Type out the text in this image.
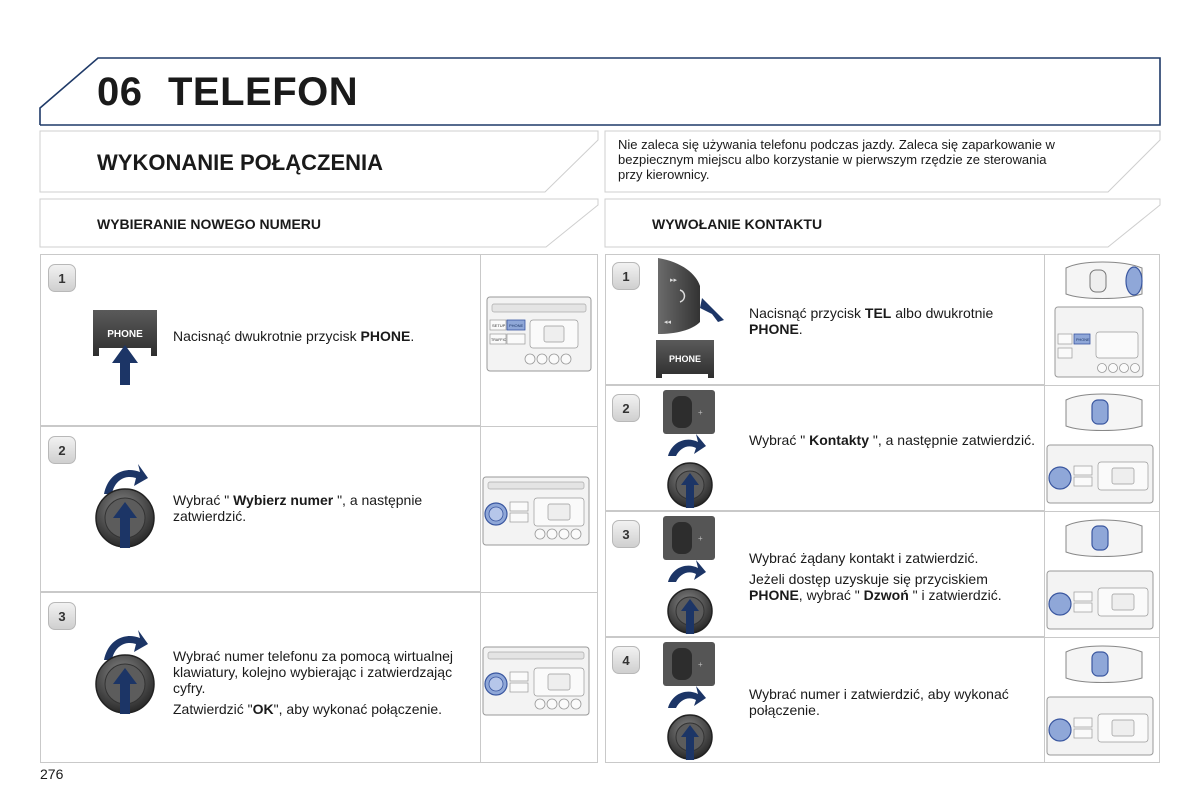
06 TELEFON
WYKONANIE POŁĄCZENIA
Nie zaleca się używania telefonu podczas jazdy. Zaleca się zaparkowanie w bezpiecznym miejscu albo korzystanie w pierwszym rzędzie ze sterowania przy kierownicy.
WYBIERANIE NOWEGO NUMERU	WYWOŁANIE KONTAKTU
1
2
3
PHONE Nacisnąć dwukrotnie przycisk PHONE.
Wybrać " Wybierz numer ", a następnie zatwierdzić.

Wybrać numer telefonu za pomocą wirtualnej klawiatury, kolejno wybierając i zatwierdzając cyfry.

Zatwierdzić "OK", aby wykonać połączenie.

SETUP PHONE
TRAFFIC
1
2
3
4
▸▸
◂◂
PHONE
+
+
+
Nacisnąć przycisk TEL albo dwukrotnie PHONE.
Wybrać " Kontakty ", a następnie zatwierdzić.

Wybrać żądany kontakt i zatwierdzić.

Jeżeli dostęp uzyskuje się przyciskiem PHONE, wybrać " Dzwoń " i zatwierdzić.

Wybrać numer i zatwierdzić, aby wykonać połączenie.
PHONE
276
